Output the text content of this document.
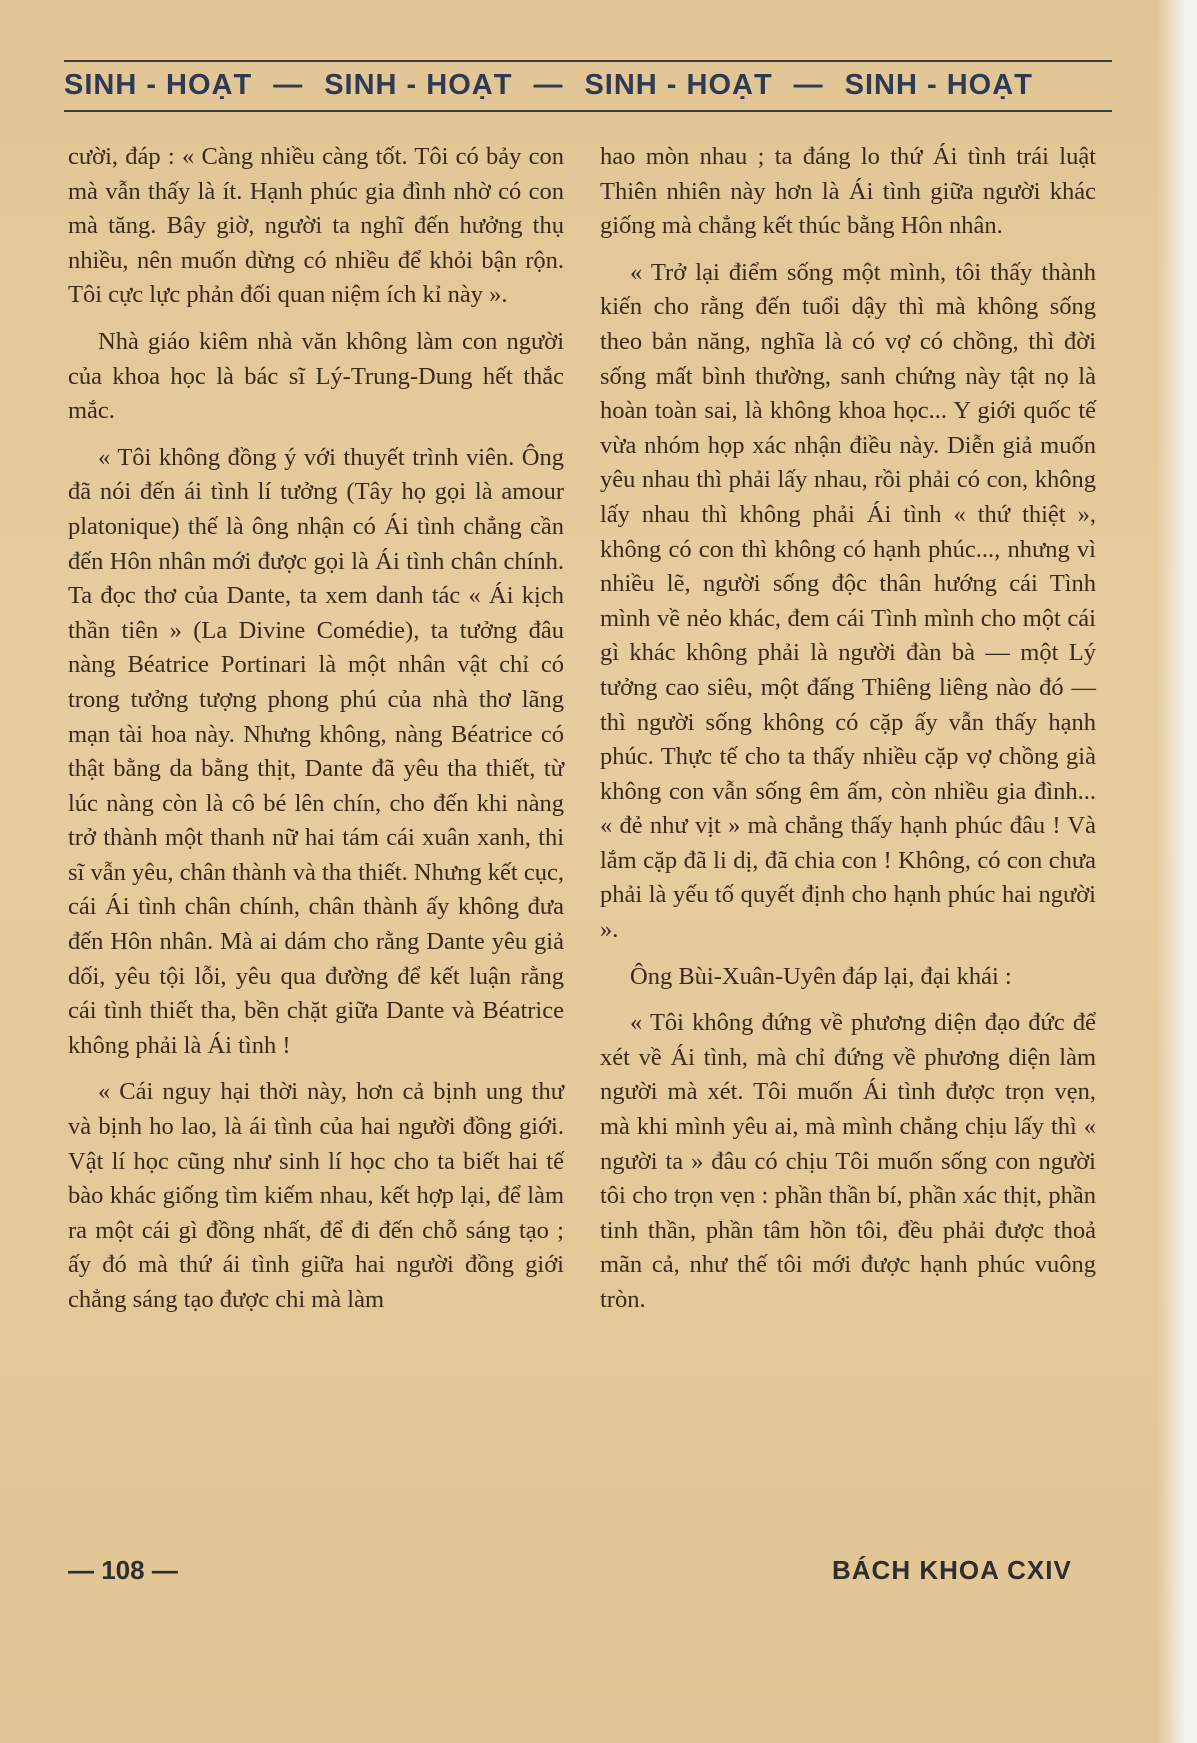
SINH - HOẠT — SINH - HOẠT — SINH - HOẠT — SINH - HOẠT

cười, đáp : « Càng nhiều càng tốt. Tôi có bảy con mà vẫn thấy là ít. Hạnh phúc gia đình nhờ có con mà tăng. Bây giờ, người ta nghĩ đến hưởng thụ nhiều, nên muốn dừng có nhiều để khỏi bận rộn. Tôi cực lực phản đối quan niệm ích kỉ này ».

Nhà giáo kiêm nhà văn không làm con người của khoa học là bác sĩ Lý-Trung-Dung hết thắc mắc.

« Tôi không đồng ý với thuyết trình viên. Ông đã nói đến ái tình lí tưởng (Tây họ gọi là amour platonique) thế là ông nhận có Ái tình chẳng cần đến Hôn nhân mới được gọi là Ái tình chân chính. Ta đọc thơ của Dante, ta xem danh tác « Ái kịch thần tiên » (La Divine Comédie), ta tưởng đâu nàng Béatrice Portinari là một nhân vật chỉ có trong tưởng tượng phong phú của nhà thơ lãng mạn tài hoa này. Nhưng không, nàng Béatrice có thật bằng da bằng thịt, Dante đã yêu tha thiết, từ lúc nàng còn là cô bé lên chín, cho đến khi nàng trở thành một thanh nữ hai tám cái xuân xanh, thi sĩ vẫn yêu, chân thành và tha thiết. Nhưng kết cục, cái Ái tình chân chính, chân thành ấy không đưa đến Hôn nhân. Mà ai dám cho rằng Dante yêu giả dối, yêu tội lỗi, yêu qua đường để kết luận rằng cái tình thiết tha, bền chặt giữa Dante và Béatrice không phải là Ái tình !

« Cái nguy hại thời này, hơn cả bịnh ung thư và bịnh ho lao, là ái tình của hai người đồng giới. Vật lí học cũng như sinh lí học cho ta biết hai tế bào khác giống tìm kiếm nhau, kết hợp lại, để làm ra một cái gì đồng nhất, để đi đến chỗ sáng tạo ; ấy đó mà thứ ái tình giữa hai người đồng giới chẳng sáng tạo được chi mà làm

hao mòn nhau ; ta đáng lo thứ Ái tình trái luật Thiên nhiên này hơn là Ái tình giữa người khác giống mà chẳng kết thúc bằng Hôn nhân.

« Trở lại điểm sống một mình, tôi thấy thành kiến cho rằng đến tuổi dậy thì mà không sống theo bản năng, nghĩa là có vợ có chồng, thì đời sống mất bình thường, sanh chứng này tật nọ là hoàn toàn sai, là không khoa học... Y giới quốc tế vừa nhóm họp xác nhận điều này. Diễn giả muốn yêu nhau thì phải lấy nhau, rồi phải có con, không lấy nhau thì không phải Ái tình « thứ thiệt », không có con thì không có hạnh phúc..., nhưng vì nhiều lẽ, người sống độc thân hướng cái Tình mình về nẻo khác, đem cái Tình mình cho một cái gì khác không phải là người đàn bà — một Lý tưởng cao siêu, một đấng Thiêng liêng nào đó — thì người sống không có cặp ấy vẫn thấy hạnh phúc. Thực tế cho ta thấy nhiều cặp vợ chồng già không con vẫn sống êm ấm, còn nhiều gia đình... « đẻ như vịt » mà chẳng thấy hạnh phúc đâu ! Và lắm cặp đã li dị, đã chia con ! Không, có con chưa phải là yếu tố quyết định cho hạnh phúc hai người ».

Ông Bùi-Xuân-Uyên đáp lại, đại khái :

« Tôi không đứng về phương diện đạo đức để xét về Ái tình, mà chỉ đứng về phương diện làm người mà xét. Tôi muốn Ái tình được trọn vẹn, mà khi mình yêu ai, mà mình chẳng chịu lấy thì « người ta » đâu có chịu Tôi muốn sống con người tôi cho trọn vẹn : phần thần bí, phần xác thịt, phần tinh thần, phần tâm hồn tôi, đều phải được thoả mãn cả, như thế tôi mới được hạnh phúc vuông tròn.

— 108 —	BÁCH KHOA CXIV
